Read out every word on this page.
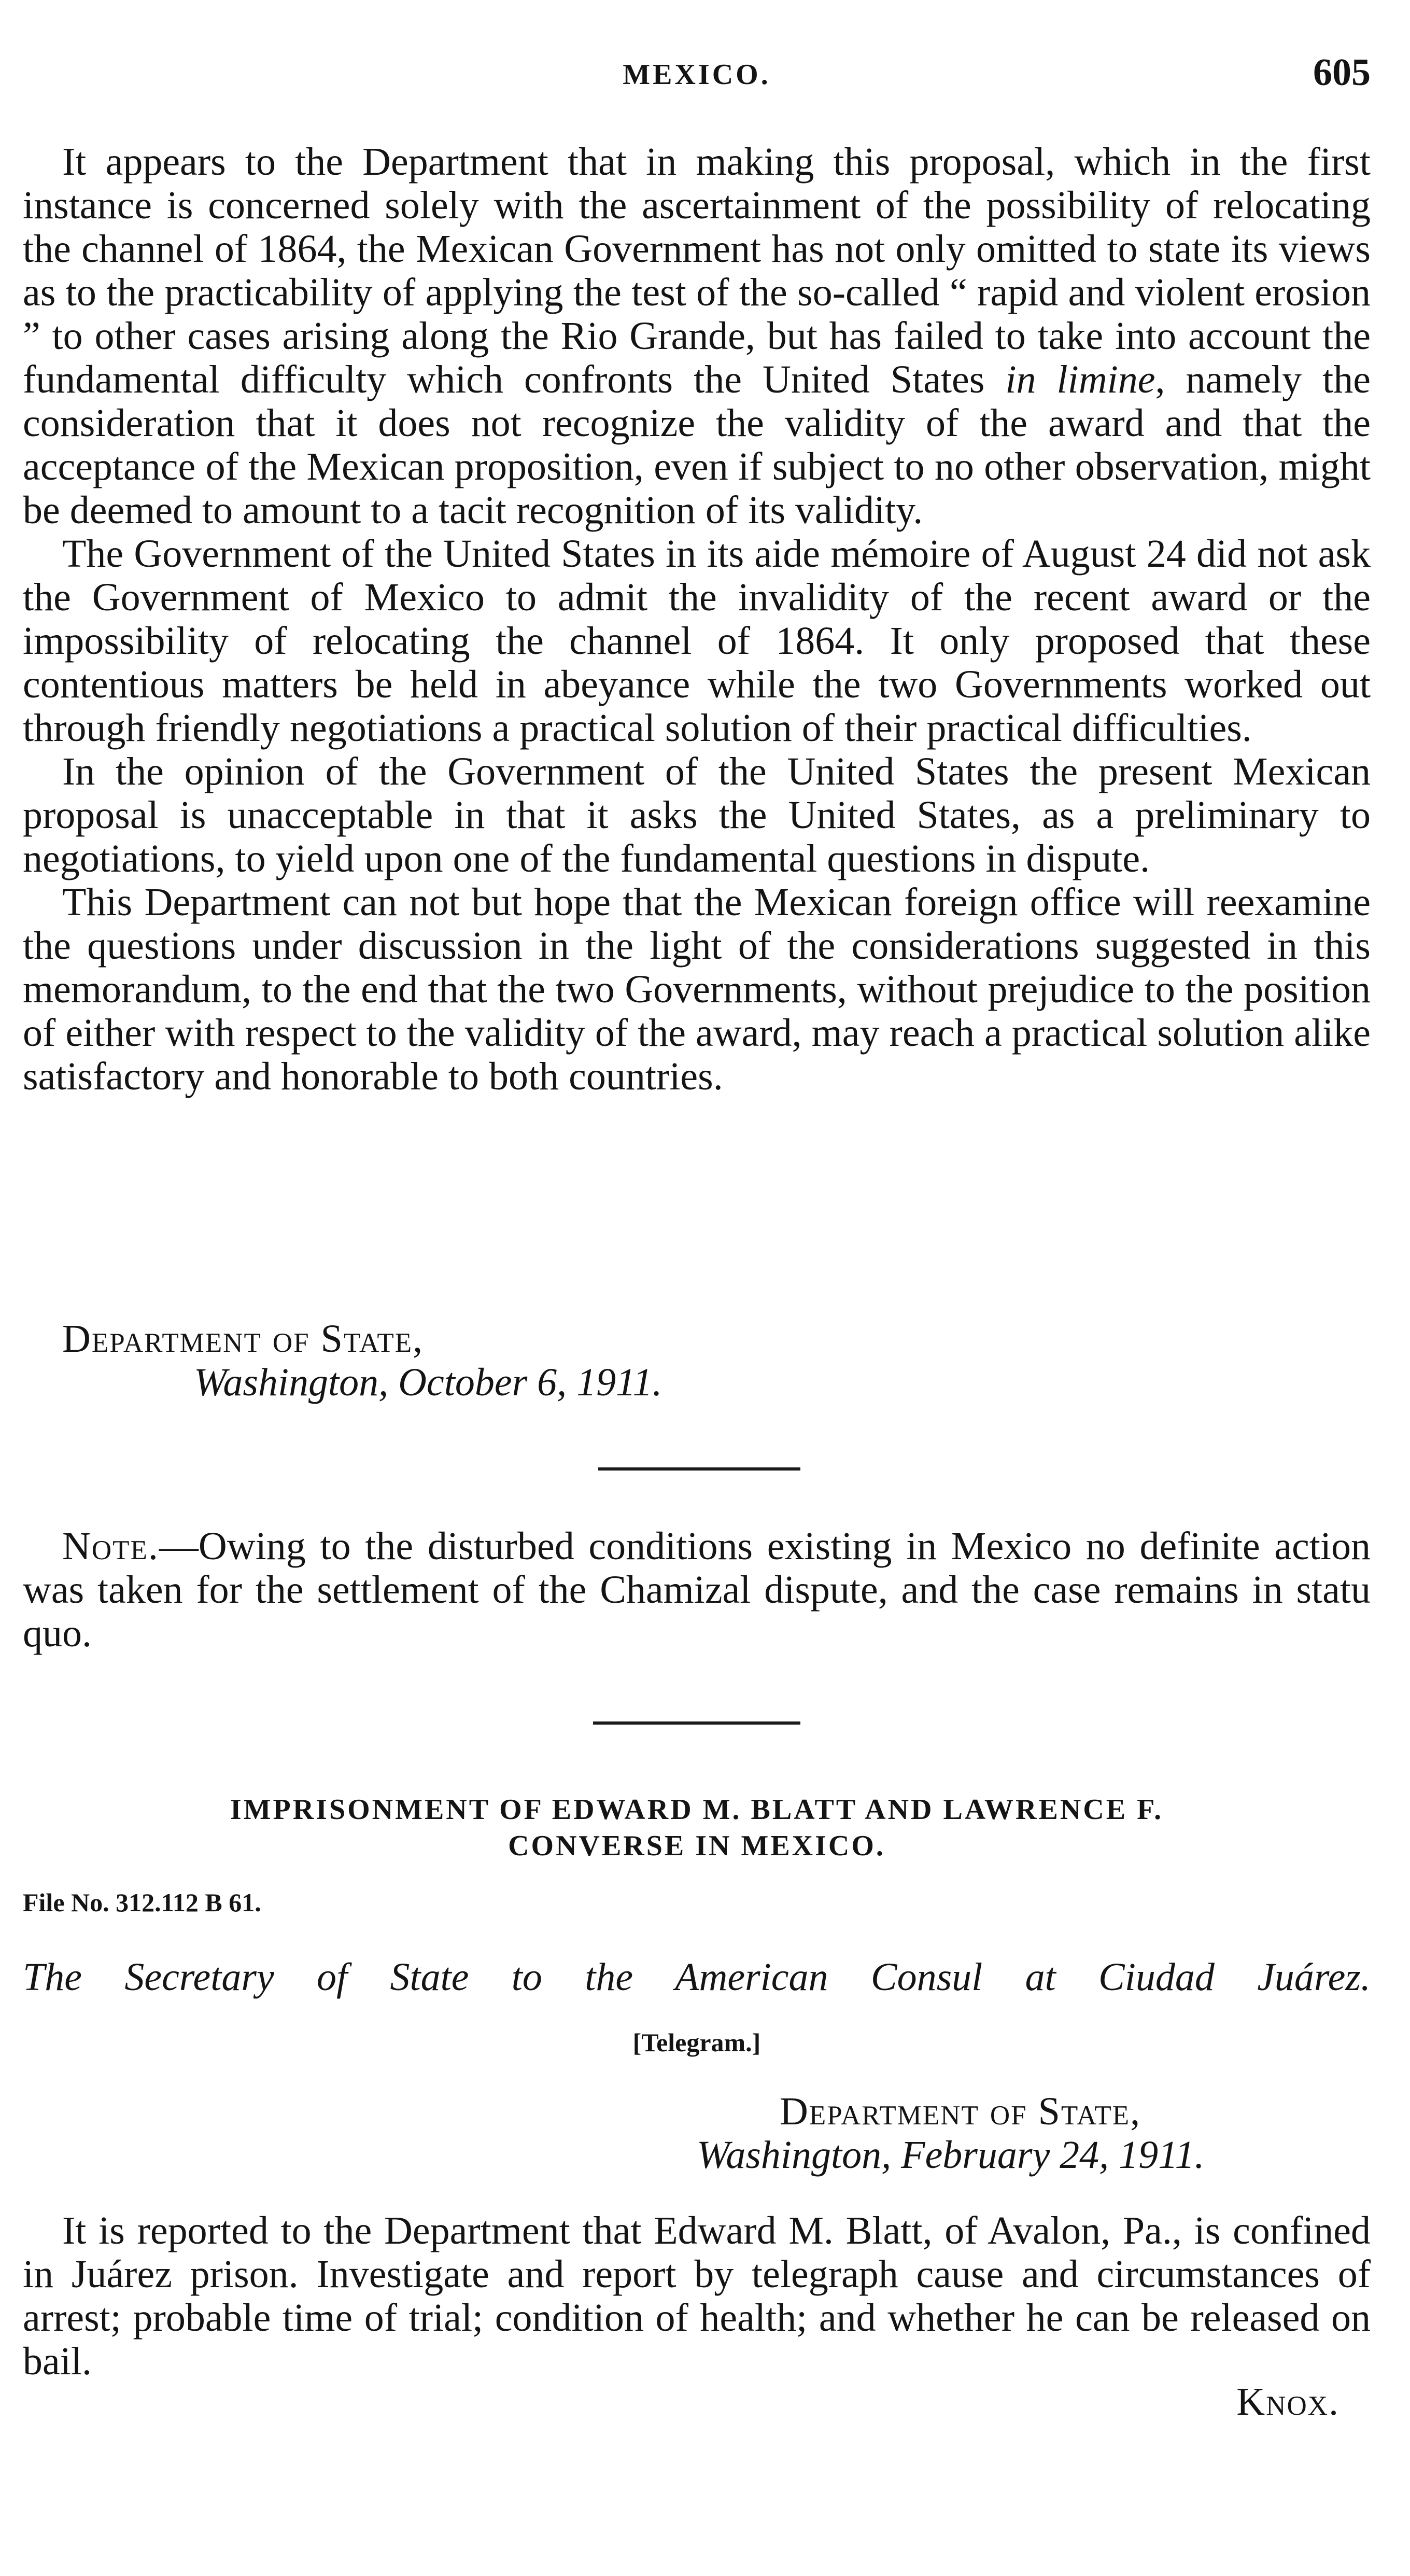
MEXICO.	605

It appears to the Department that in making this proposal, which in the first instance is concerned solely with the ascertainment of the possibility of relocating the channel of 1864, the Mexican Government has not only omitted to state its views as to the practicability of applying the test of the so-called “ rapid and violent erosion ” to other cases arising along the Rio Grande, but has failed to take into account the fundamental difficulty which confronts the United States in limine, namely the consideration that it does not recognize the validity of the award and that the acceptance of the Mexican proposition, even if subject to no other observation, might be deemed to amount to a tacit recognition of its validity.

The Government of the United States in its aide mémoire of August 24 did not ask the Government of Mexico to admit the invalidity of the recent award or the impossibility of relocating the channel of 1864. It only proposed that these contentious matters be held in abeyance while the two Governments worked out through friendly negotiations a practical solution of their practical difficulties.

In the opinion of the Government of the United States the present Mexican proposal is unacceptable in that it asks the United States, as a preliminary to negotiations, to yield upon one of the fundamental questions in dispute.

This Department can not but hope that the Mexican foreign office will reexamine the questions under discussion in the light of the considerations suggested in this memorandum, to the end that the two Governments, without prejudice to the position of either with respect to the validity of the award, may reach a practical solution alike satisfactory and honorable to both countries.

Department of State,
Washington, October 6, 1911.

Note.—Owing to the disturbed conditions existing in Mexico no definite action was taken for the settlement of the Chamizal dispute, and the case remains in statu quo.

IMPRISONMENT OF EDWARD M. BLATT AND LAWRENCE F.
CONVERSE IN MEXICO.
File No. 312.112 B 61.
The Secretary of State to the American Consul at Ciudad Juárez.
[Telegram.]
Department of State,
Washington, February 24, 1911.

It is reported to the Department that Edward M. Blatt, of Avalon, Pa., is confined in Juárez prison. Investigate and report by telegraph cause and circumstances of arrest; probable time of trial; condition of health; and whether he can be released on bail.

Knox.
